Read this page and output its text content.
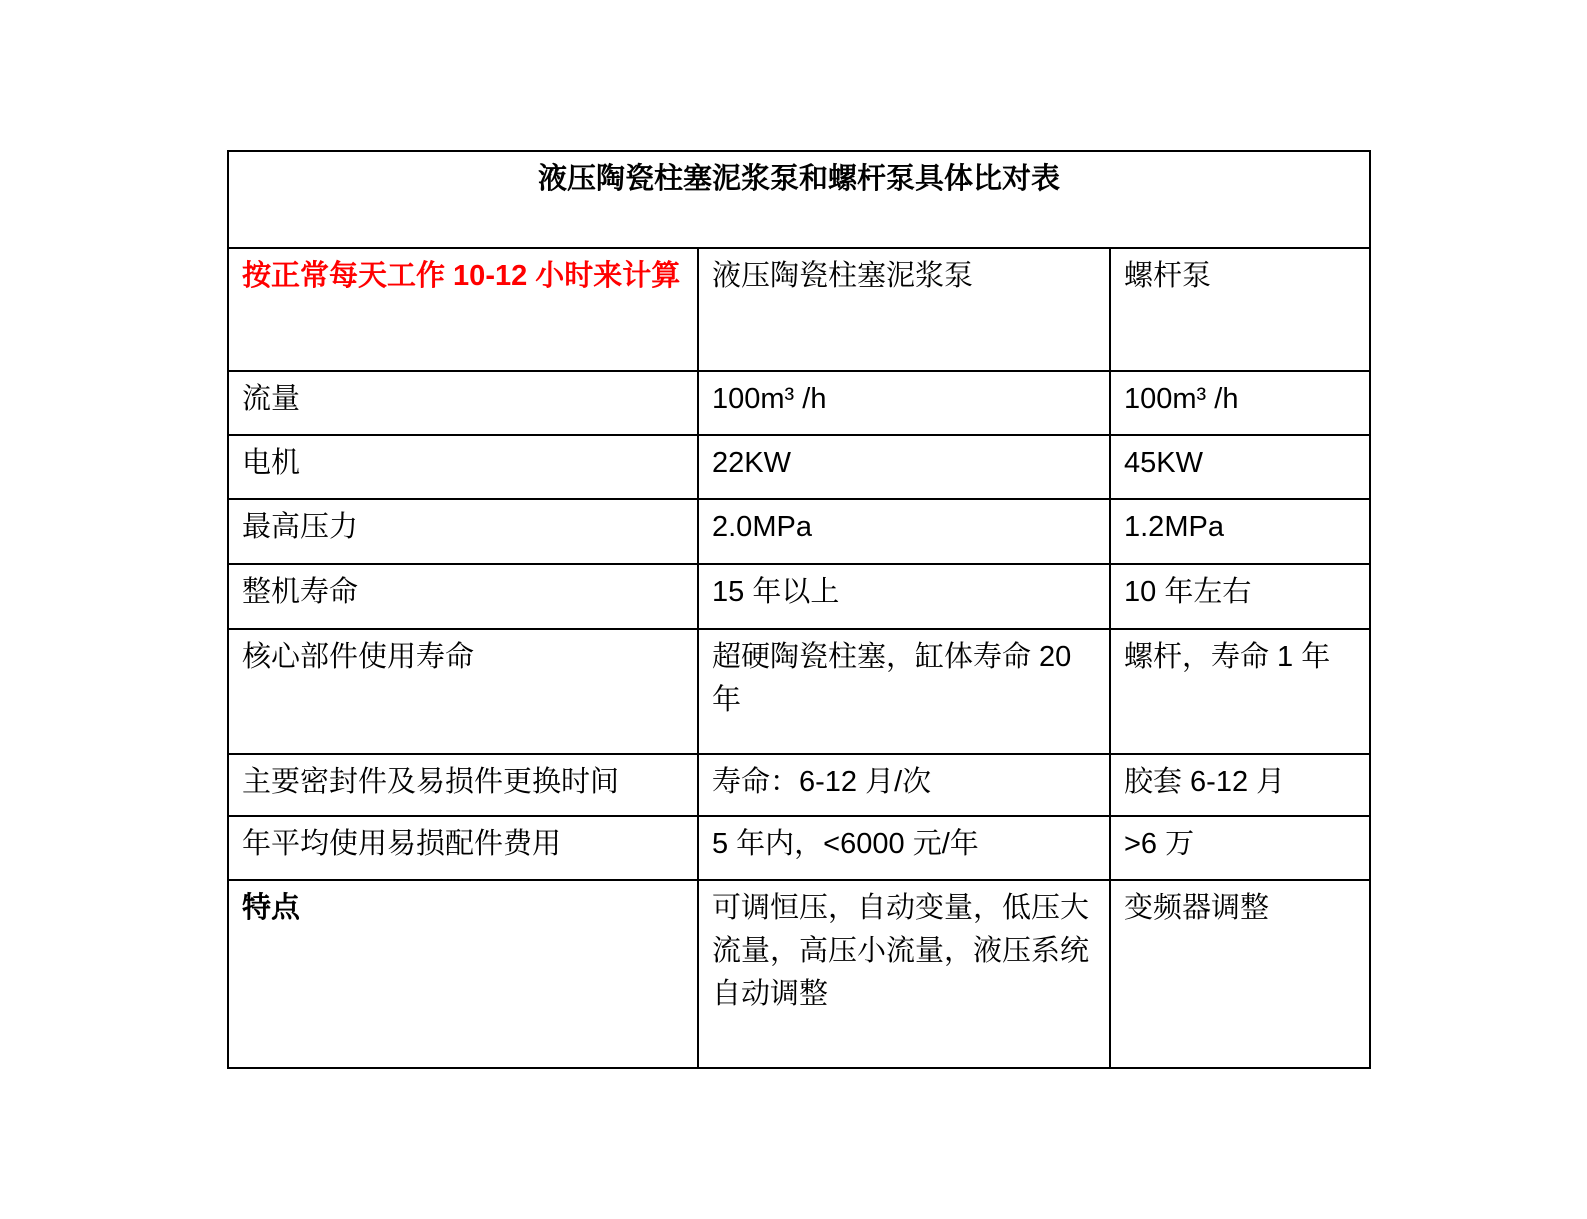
液压陶瓷柱塞泥浆泵和螺杆泵具体比对表		
按正常每天工作 10-12 小时来计算	液压陶瓷柱塞泥浆泵	螺杆泵
流量	100m³ /h	100m³ /h
电机	22KW	45KW
最高压力	2.0MPa	1.2MPa
整机寿命	15 年以上	10 年左右
核心部件使用寿命	超硬陶瓷柱塞，缸体寿命 20 年	螺杆，寿命 1 年
主要密封件及易损件更换时间	寿命：6-12 月/次	胶套 6-12 月
年平均使用易损配件费用	5 年内，<6000 元/年	>6 万
特点	可调恒压，自动变量，低压大流量，高压小流量，液压系统自动调整	变频器调整
